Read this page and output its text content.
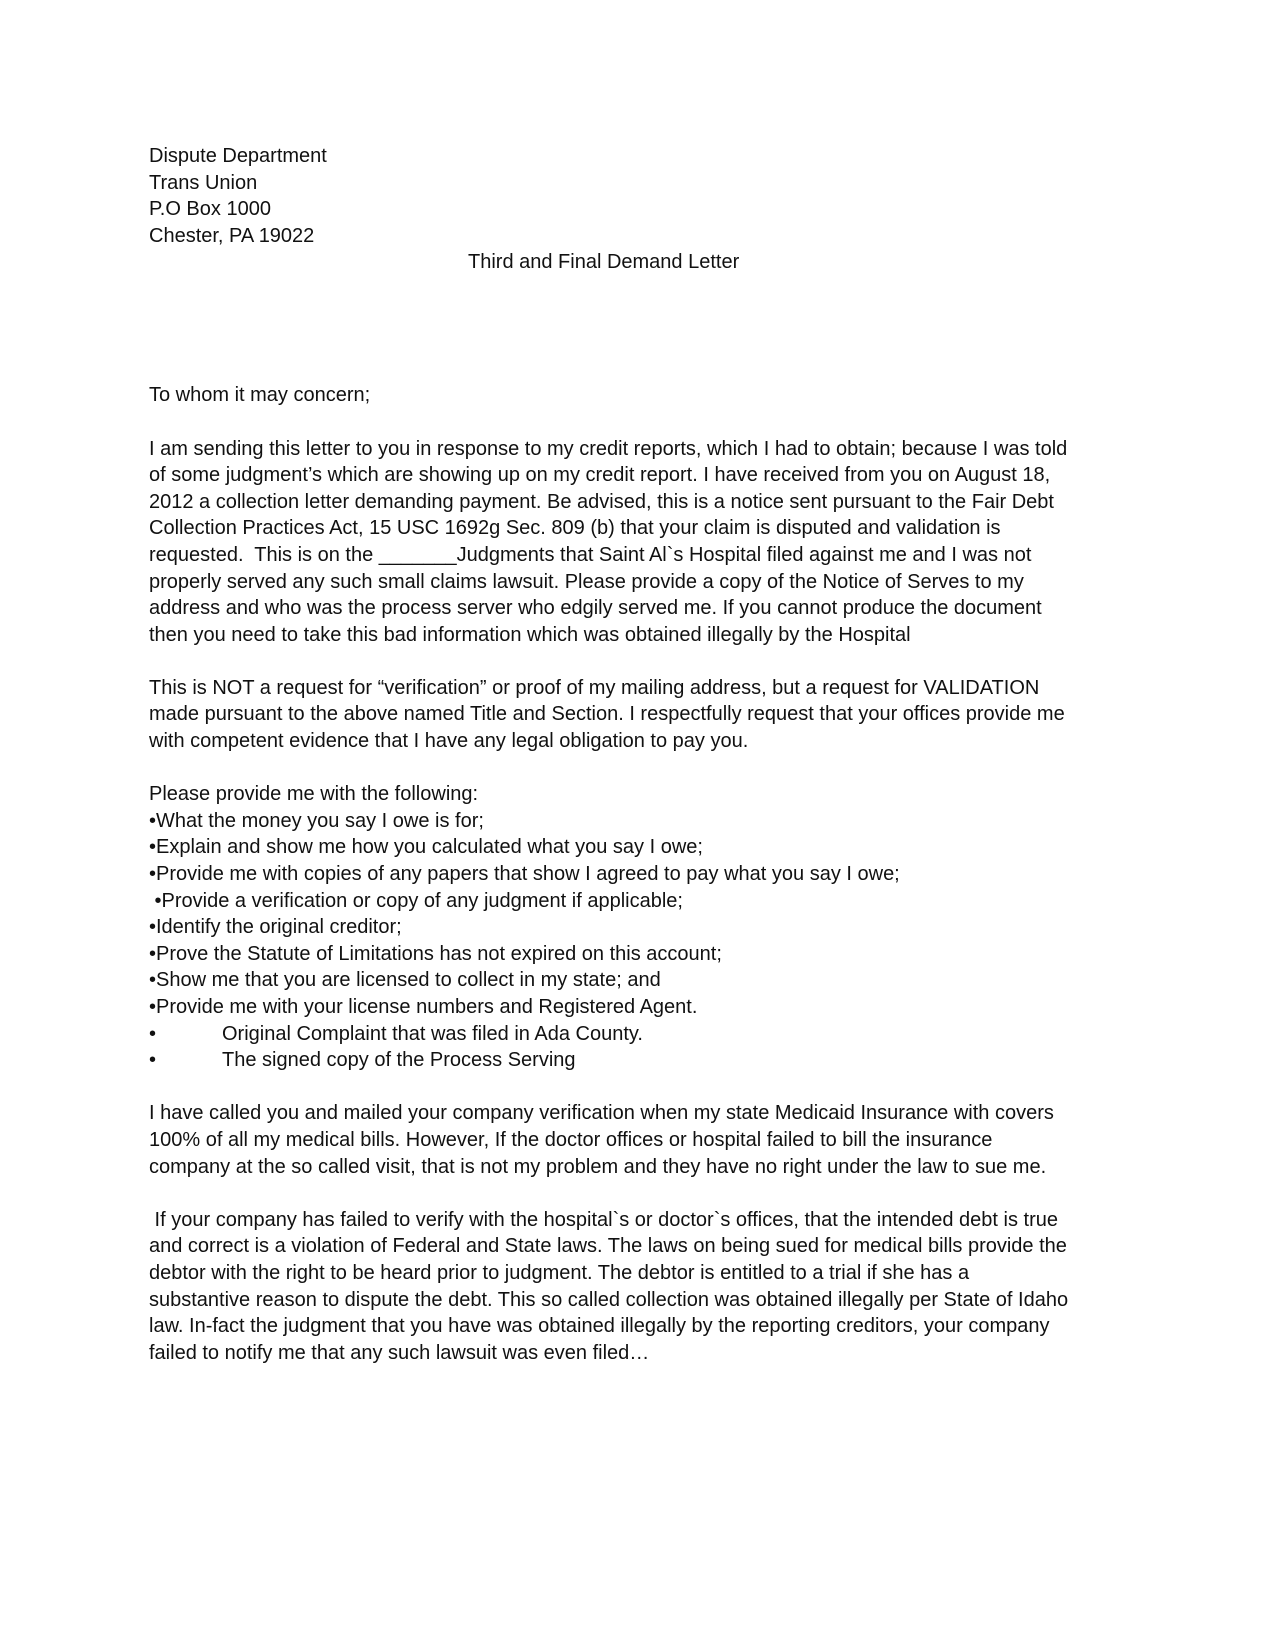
Dispute Department
Trans Union
P.O Box 1000
Chester, PA 19022
Third and Final Demand Letter
To whom it may concern;
I am sending this letter to you in response to my credit reports, which I had to obtain; because I was told
of some judgment’s which are showing up on my credit report. I have received from you on August 18,
2012 a collection letter demanding payment. Be advised, this is a notice sent pursuant to the Fair Debt
Collection Practices Act, 15 USC 1692g Sec. 809 (b) that your claim is disputed and validation is
requested.  This is on the _______Judgments that Saint Al`s Hospital filed against me and I was not
properly served any such small claims lawsuit. Please provide a copy of the Notice of Serves to my
address and who was the process server who edgily served me. If you cannot produce the document
then you need to take this bad information which was obtained illegally by the Hospital
This is NOT a request for “verification” or proof of my mailing address, but a request for VALIDATION
made pursuant to the above named Title and Section. I respectfully request that your offices provide me
with competent evidence that I have any legal obligation to pay you.
Please provide me with the following:
•What the money you say I owe is for;
•Explain and show me how you calculated what you say I owe;
•Provide me with copies of any papers that show I agreed to pay what you say I owe;
•Provide a verification or copy of any judgment if applicable;
•Identify the original creditor;
•Prove the Statute of Limitations has not expired on this account;
•Show me that you are licensed to collect in my state; and
•Provide me with your license numbers and Registered Agent.
•	Original Complaint that was filed in Ada County.
•	The signed copy of the Process Serving
I have called you and mailed your company verification when my state Medicaid Insurance with covers
100% of all my medical bills. However, If the doctor offices or hospital failed to bill the insurance
company at the so called visit, that is not my problem and they have no right under the law to sue me.
If your company has failed to verify with the hospital`s or doctor`s offices, that the intended debt is true
and correct is a violation of Federal and State laws. The laws on being sued for medical bills provide the
debtor with the right to be heard prior to judgment. The debtor is entitled to a trial if she has a
substantive reason to dispute the debt. This so called collection was obtained illegally per State of Idaho
law. In-fact the judgment that you have was obtained illegally by the reporting creditors, your company
failed to notify me that any such lawsuit was even filed…
